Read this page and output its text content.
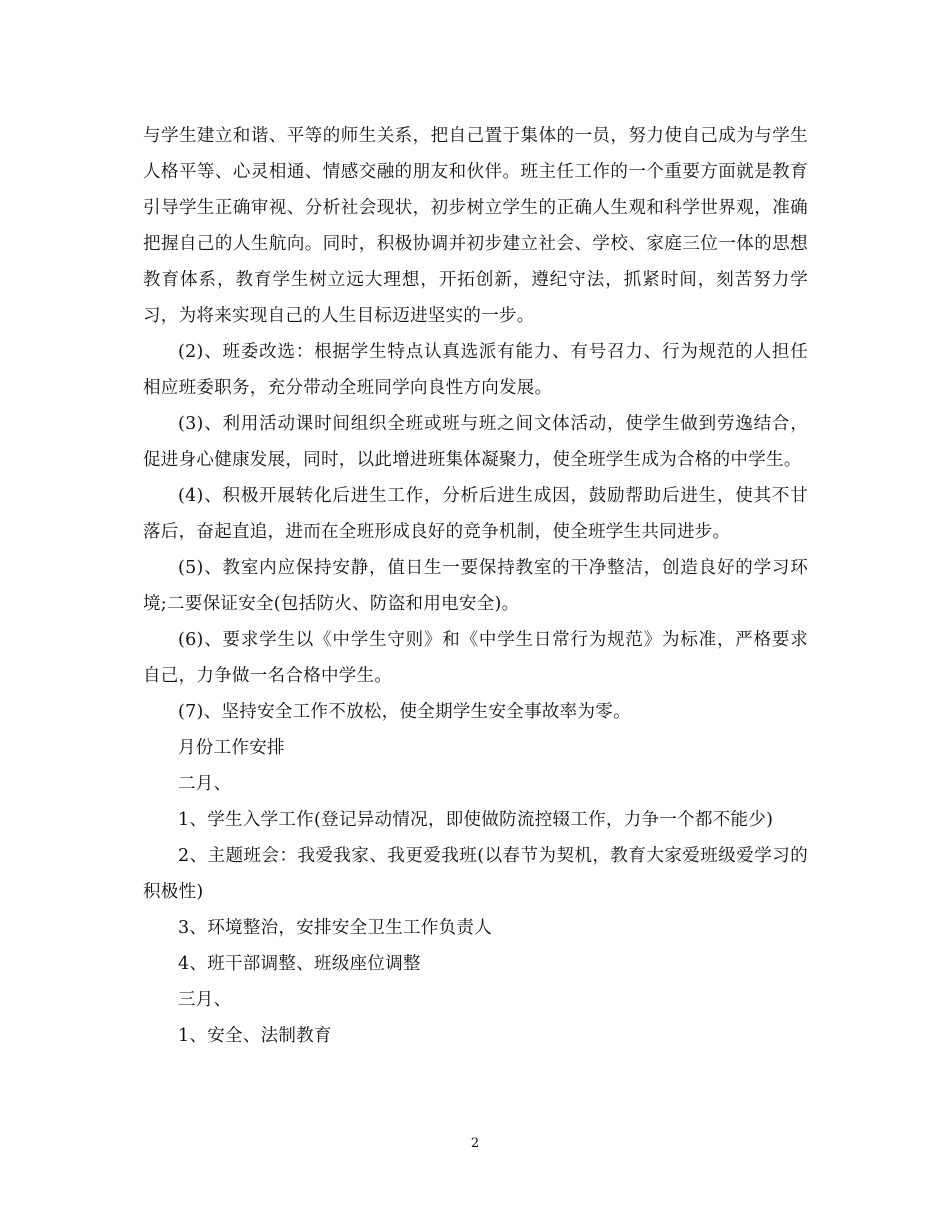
与学生建立和谐、平等的师生关系，把自己置于集体的一员，努力使自己成为与学生人格平等、心灵相通、情感交融的朋友和伙伴。班主任工作的一个重要方面就是教育引导学生正确审视、分析社会现状，初步树立学生的正确人生观和科学世界观，准确把握自己的人生航向。同时，积极协调并初步建立社会、学校、家庭三位一体的思想教育体系，教育学生树立远大理想，开拓创新，遵纪守法，抓紧时间，刻苦努力学习，为将来实现自己的人生目标迈进坚实的一步。

(2)、班委改选：根据学生特点认真选派有能力、有号召力、行为规范的人担任相应班委职务，充分带动全班同学向良性方向发展。

(3)、利用活动课时间组织全班或班与班之间文体活动，使学生做到劳逸结合，促进身心健康发展，同时，以此增进班集体凝聚力，使全班学生成为合格的中学生。

(4)、积极开展转化后进生工作，分析后进生成因，鼓励帮助后进生，使其不甘落后，奋起直追，进而在全班形成良好的竞争机制，使全班学生共同进步。

(5)、教室内应保持安静，值日生一要保持教室的干净整洁，创造良好的学习环境;二要保证安全(包括防火、防盗和用电安全)。

(6)、要求学生以《中学生守则》和《中学生日常行为规范》为标准，严格要求自己，力争做一名合格中学生。

(7)、坚持安全工作不放松，使全期学生安全事故率为零。

月份工作安排

二月、

1、学生入学工作(登记异动情况，即使做防流控辍工作，力争一个都不能少)

2、主题班会：我爱我家、我更爱我班(以春节为契机，教育大家爱班级爱学习的积极性)

3、环境整治，安排安全卫生工作负责人

4、班干部调整、班级座位调整

三月、

1、安全、法制教育

2
